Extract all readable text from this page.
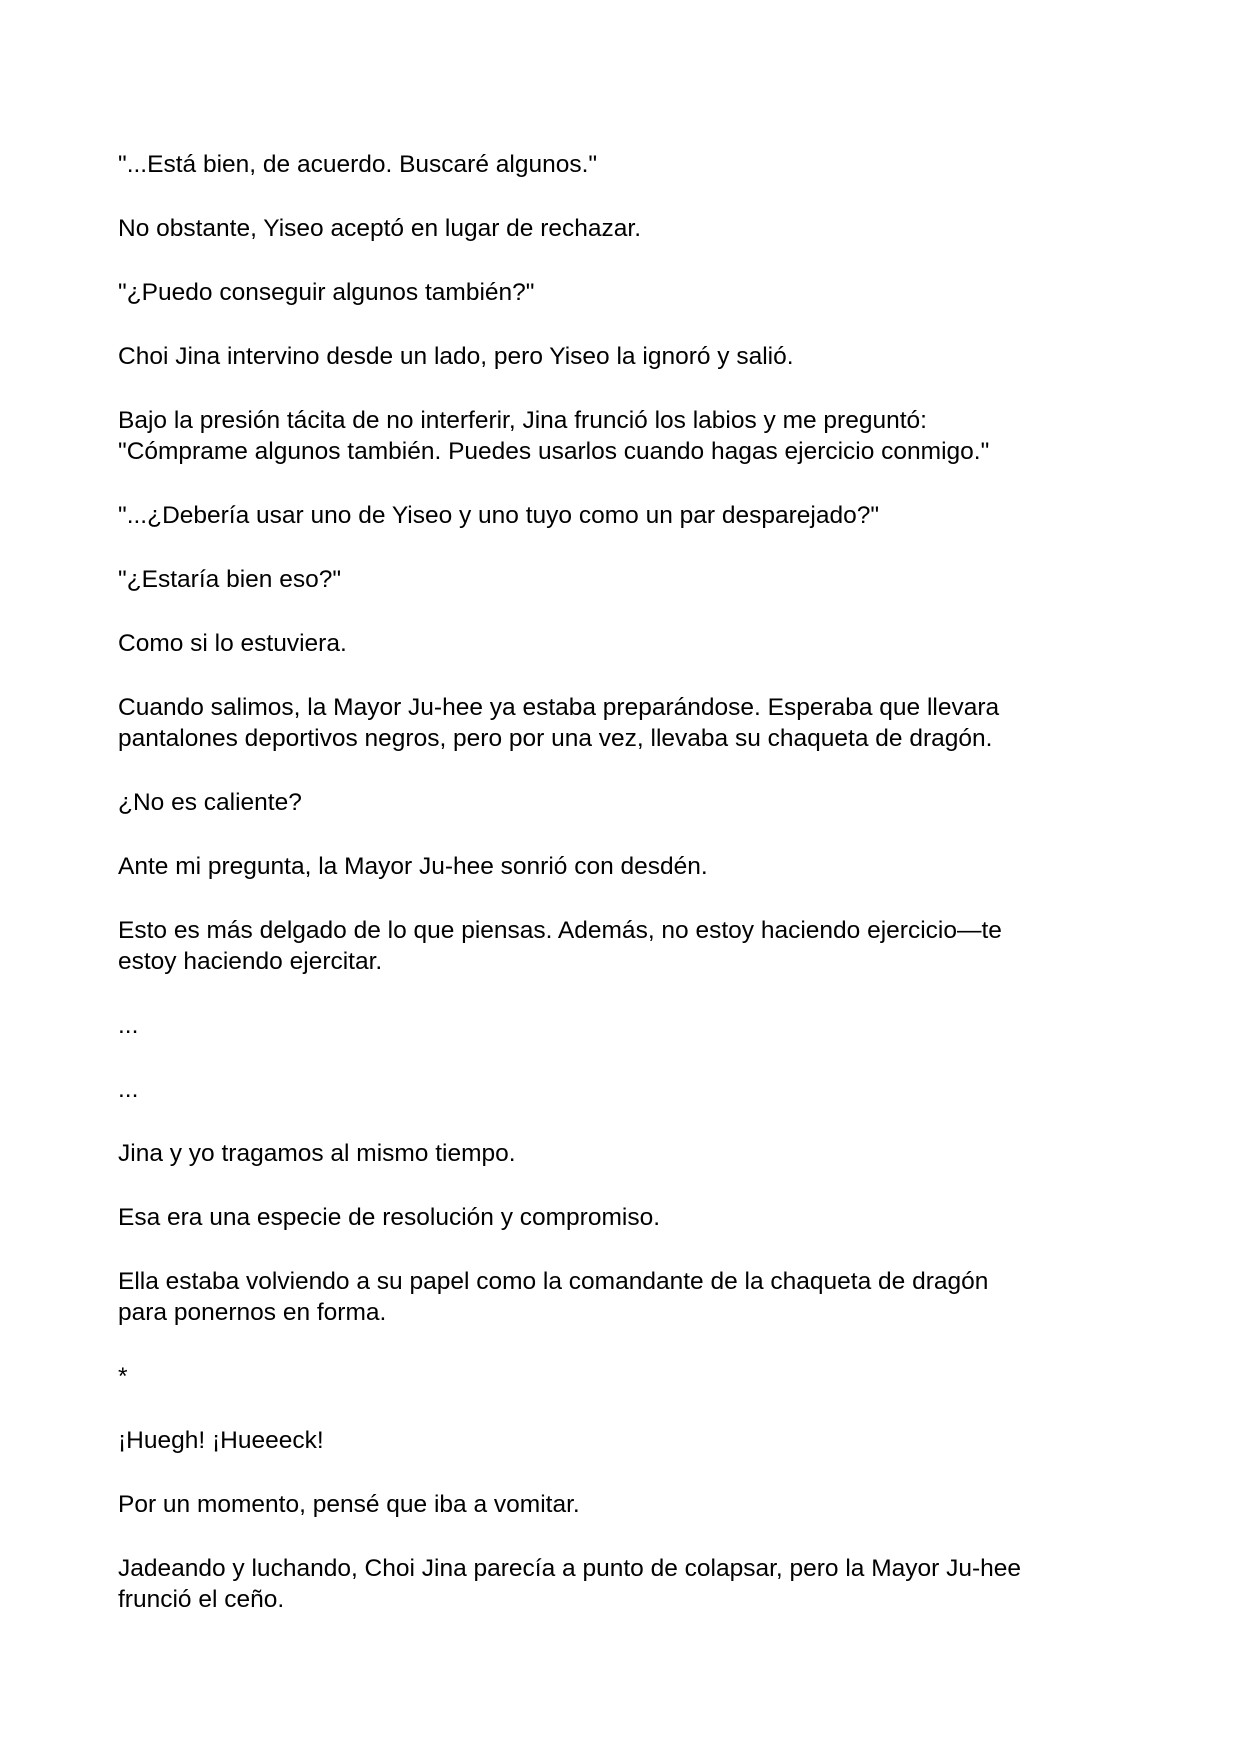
"...Está bien, de acuerdo. Buscaré algunos."

No obstante, Yiseo aceptó en lugar de rechazar.

"¿Puedo conseguir algunos también?"

Choi Jina intervino desde un lado, pero Yiseo la ignoró y salió.

Bajo la presión tácita de no interferir, Jina frunció los labios y me preguntó:
"Cómprame algunos también. Puedes usarlos cuando hagas ejercicio conmigo."

"...¿Debería usar uno de Yiseo y uno tuyo como un par desparejado?"

"¿Estaría bien eso?"

Como si lo estuviera.

Cuando salimos, la Mayor Ju-hee ya estaba preparándose. Esperaba que llevara
pantalones deportivos negros, pero por una vez, llevaba su chaqueta de dragón.

¿No es caliente?

Ante mi pregunta, la Mayor Ju-hee sonrió con desdén.

Esto es más delgado de lo que piensas. Además, no estoy haciendo ejercicio—te
estoy haciendo ejercitar.

...

...

Jina y yo tragamos al mismo tiempo.

Esa era una especie de resolución y compromiso.

Ella estaba volviendo a su papel como la comandante de la chaqueta de dragón
para ponernos en forma.

*

¡Huegh! ¡Hueeeck!

Por un momento, pensé que iba a vomitar.

Jadeando y luchando, Choi Jina parecía a punto de colapsar, pero la Mayor Ju-hee
frunció el ceño.
